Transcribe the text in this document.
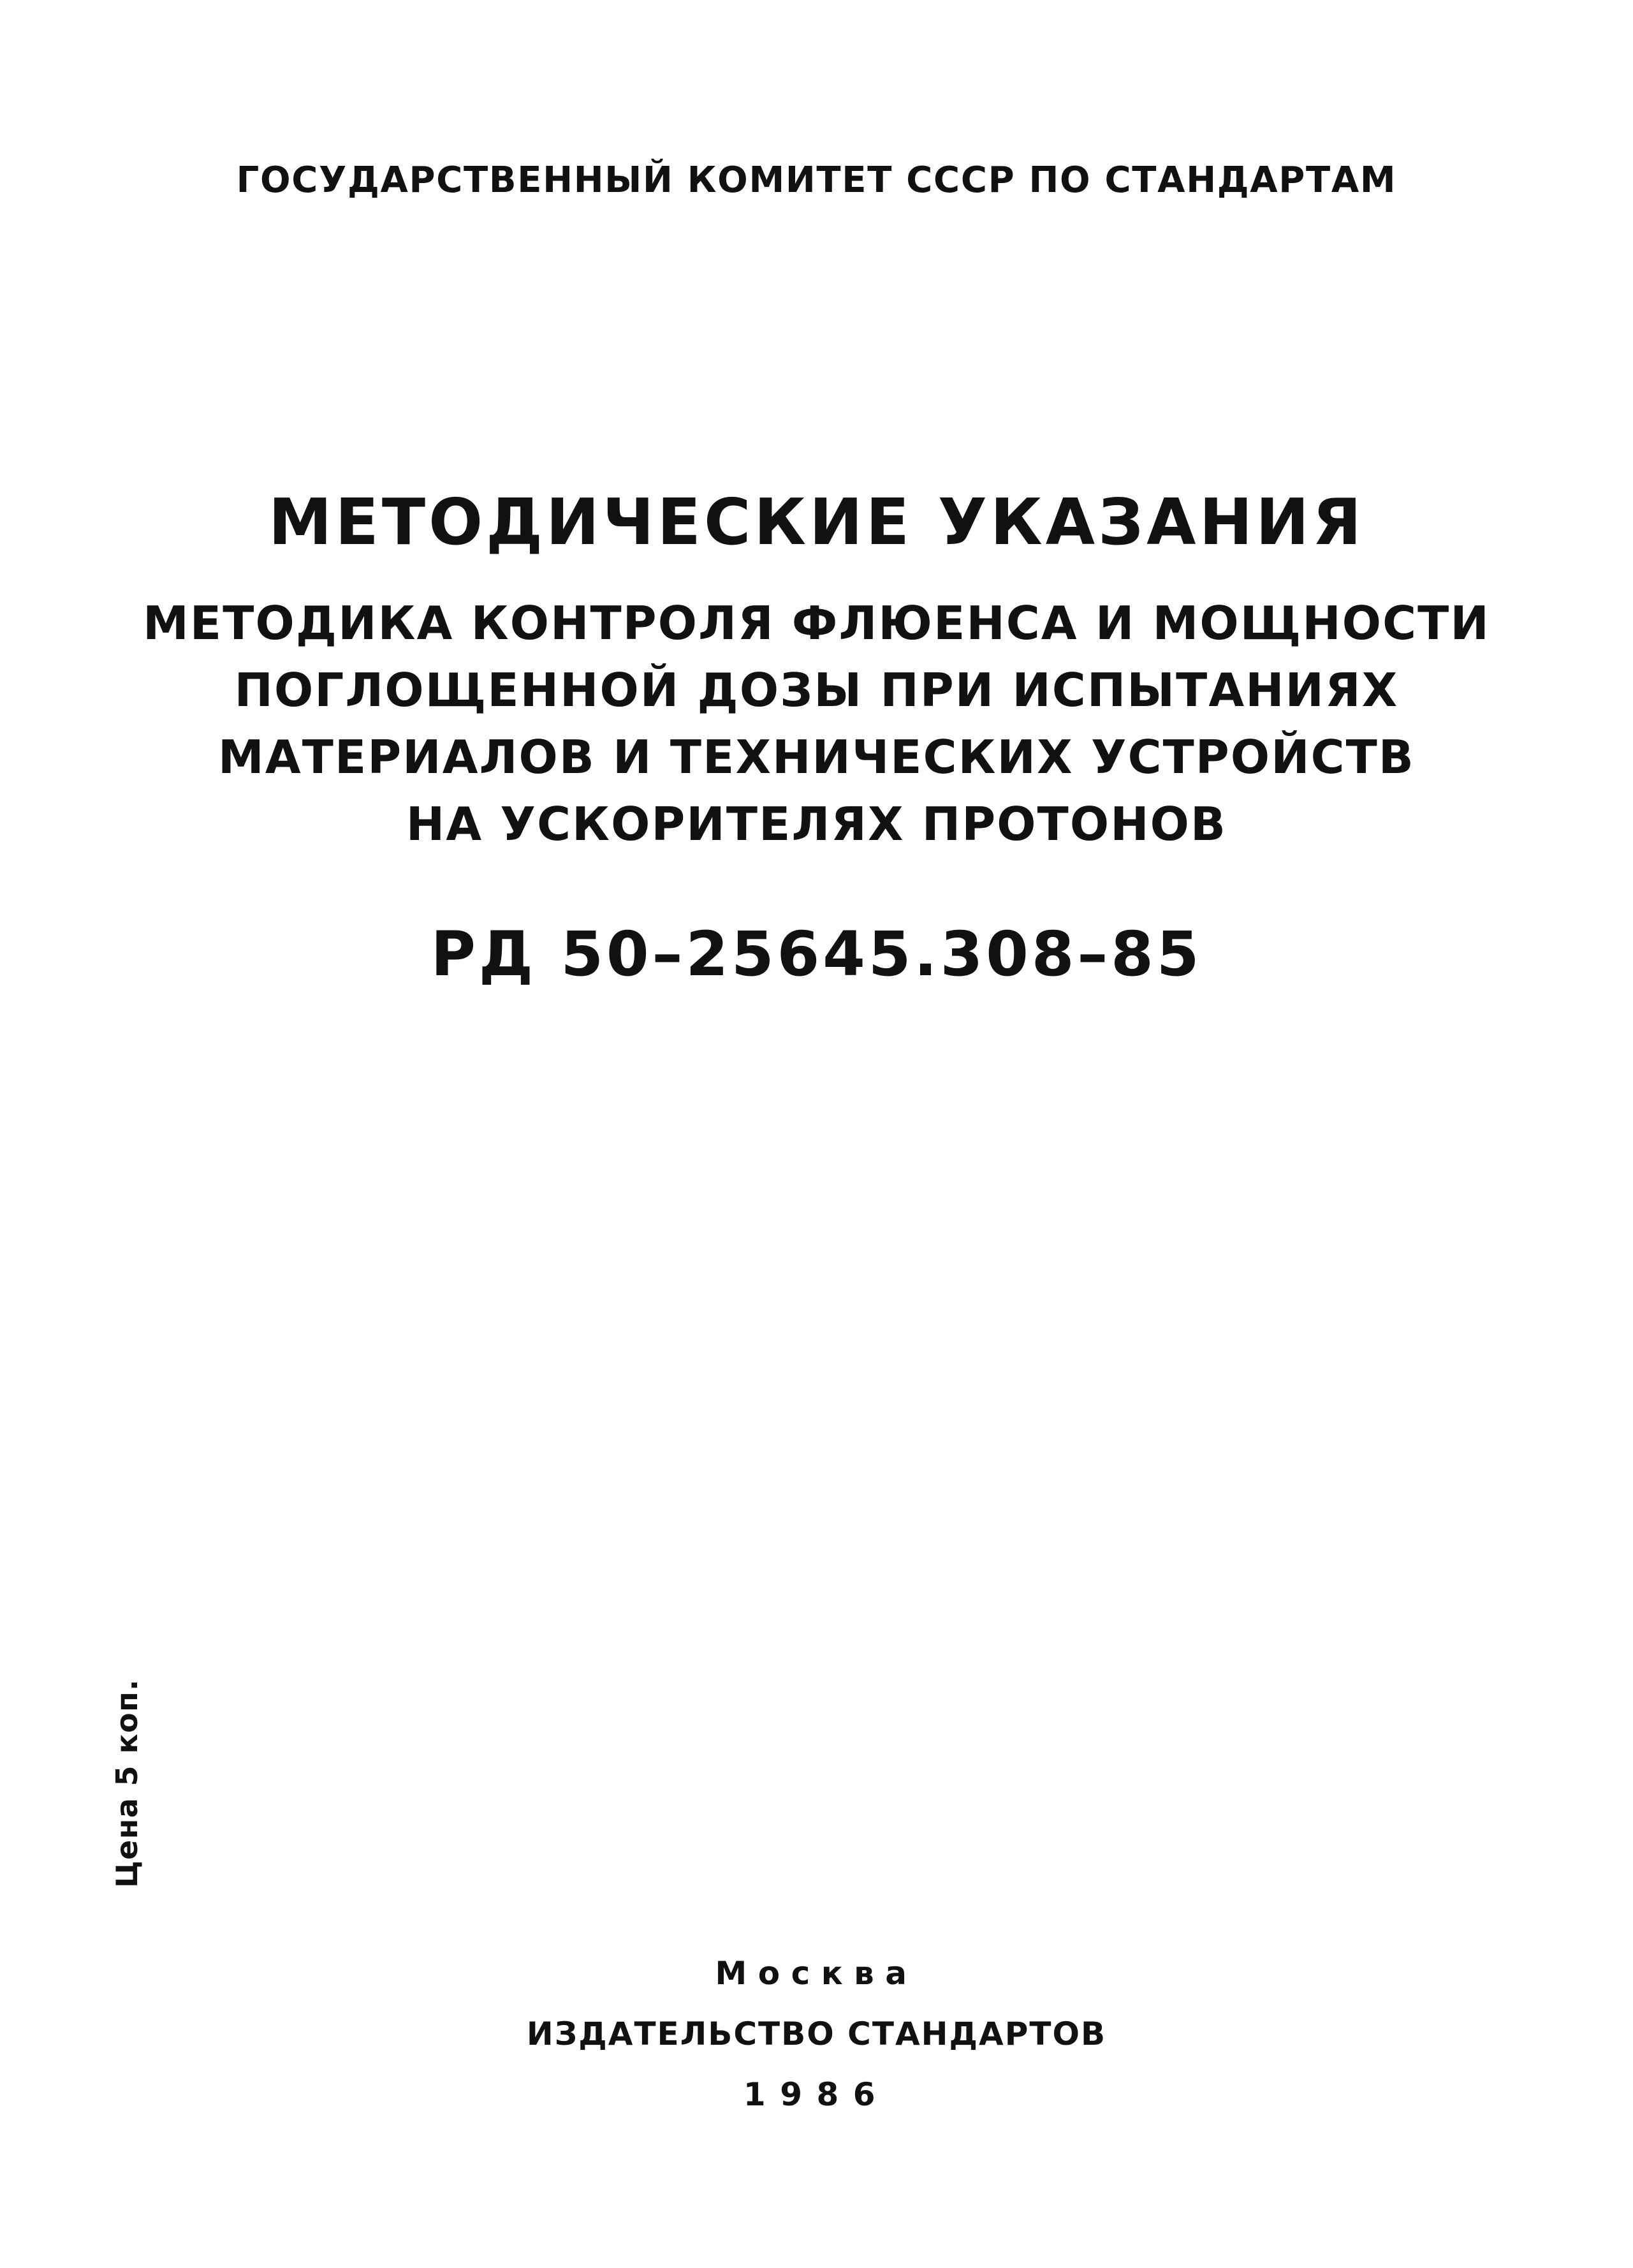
ГОСУДАРСТВЕННЫЙ КОМИТЕТ СССР ПО СТАНДАРТАМ
МЕТОДИЧЕСКИЕ УКАЗАНИЯ
МЕТОДИКА КОНТРОЛЯ ФЛЮЕНСА И МОЩНОСТИ
ПОГЛОЩЕННОЙ ДОЗЫ ПРИ ИСПЫТАНИЯХ
МАТЕРИАЛОВ И ТЕХНИЧЕСКИХ УСТРОЙСТВ
НА УСКОРИТЕЛЯХ ПРОТОНОВ
РД 50–25645.308–85
Цена 5 коп.
Москва
ИЗДАТЕЛЬСТВО СТАНДАРТОВ
1986
